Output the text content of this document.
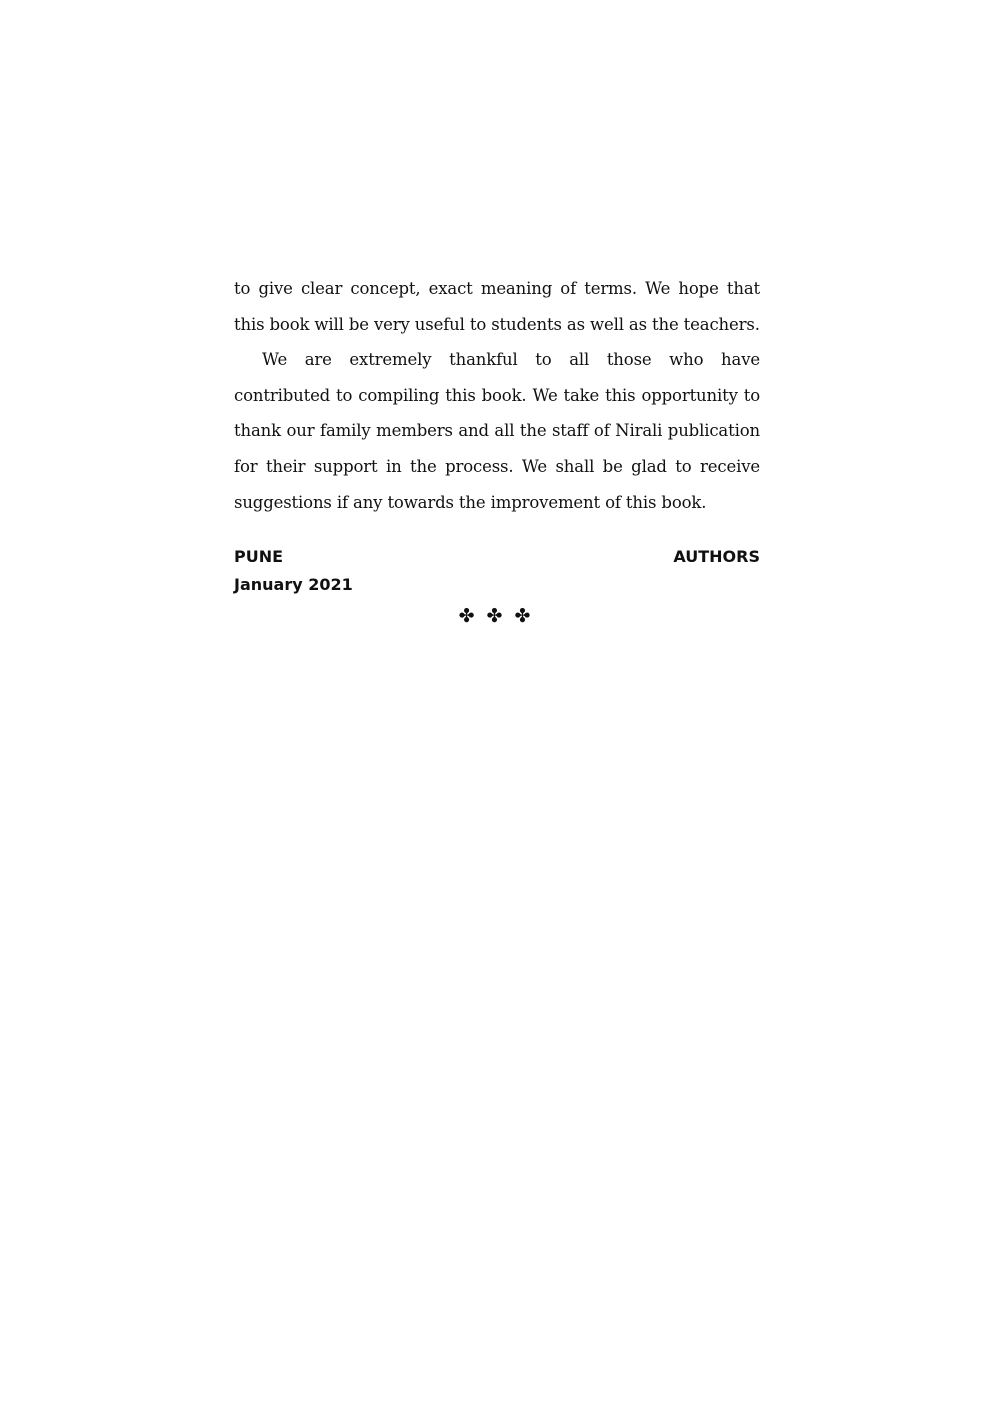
to give clear concept, exact meaning of terms. We hope that this book will be very useful to students as well as the teachers.

We are extremely thankful to all those who have contributed to compiling this book. We take this opportunity to thank our family members and all the staff of Nirali publication for their support in the process. We shall be glad to receive suggestions if any towards the improvement of this book.

PUNE	AUTHORS
January 2021
✤ ✤ ✤
